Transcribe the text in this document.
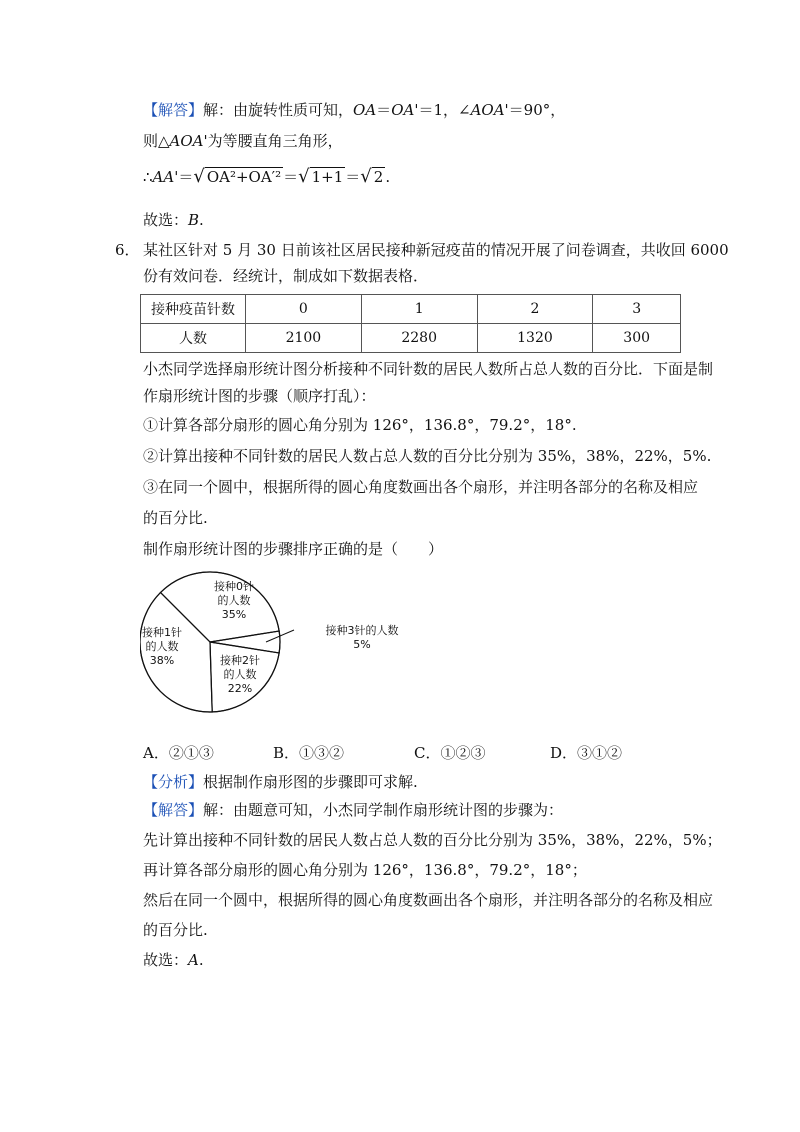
【解答】解：由旋转性质可知，OA＝OA'＝1，∠AOA'＝90°，
则△AOA'为等腰直角三角形，
∴AA'＝√ OA²+OA′² ＝√ 1+1 ＝√ 2 .
故选：B.
6． 某社区针对 5 月 30 日前该社区居民接种新冠疫苗的情况开展了问卷调查，共收回 6000
份有效问卷．经统计，制成如下数据表格．
接种疫苗针数	0	1	2	3
人数	2100	2280	1320	300
小杰同学选择扇形统计图分析接种不同针数的居民人数所占总人数的百分比．下面是制
作扇形统计图的步骤（顺序打乱）：
①计算各部分扇形的圆心角分别为 126°，136.8°，79.2°，18°.
②计算出接种不同针数的居民人数占总人数的百分比分别为 35%，38%，22%，5%.
③在同一个圆中，根据所得的圆心角度数画出各个扇形，并注明各部分的名称及相应
的百分比.
制作扇形统计图的步骤排序正确的是（　　）
接种0针的人数 35%
接种1针的人数 38%	接种2针的人数 22%
接种3针的人数 5%
A．②①③	B．①③②	C．①②③	D．③①②
【分析】根据制作扇形图的步骤即可求解.
【解答】解：由题意可知，小杰同学制作扇形统计图的步骤为：
先计算出接种不同针数的居民人数占总人数的百分比分别为 35%，38%，22%，5%；
再计算各部分扇形的圆心角分别为 126°，136.8°，79.2°，18°；
然后在同一个圆中，根据所得的圆心角度数画出各个扇形，并注明各部分的名称及相应
的百分比.
故选：A.
